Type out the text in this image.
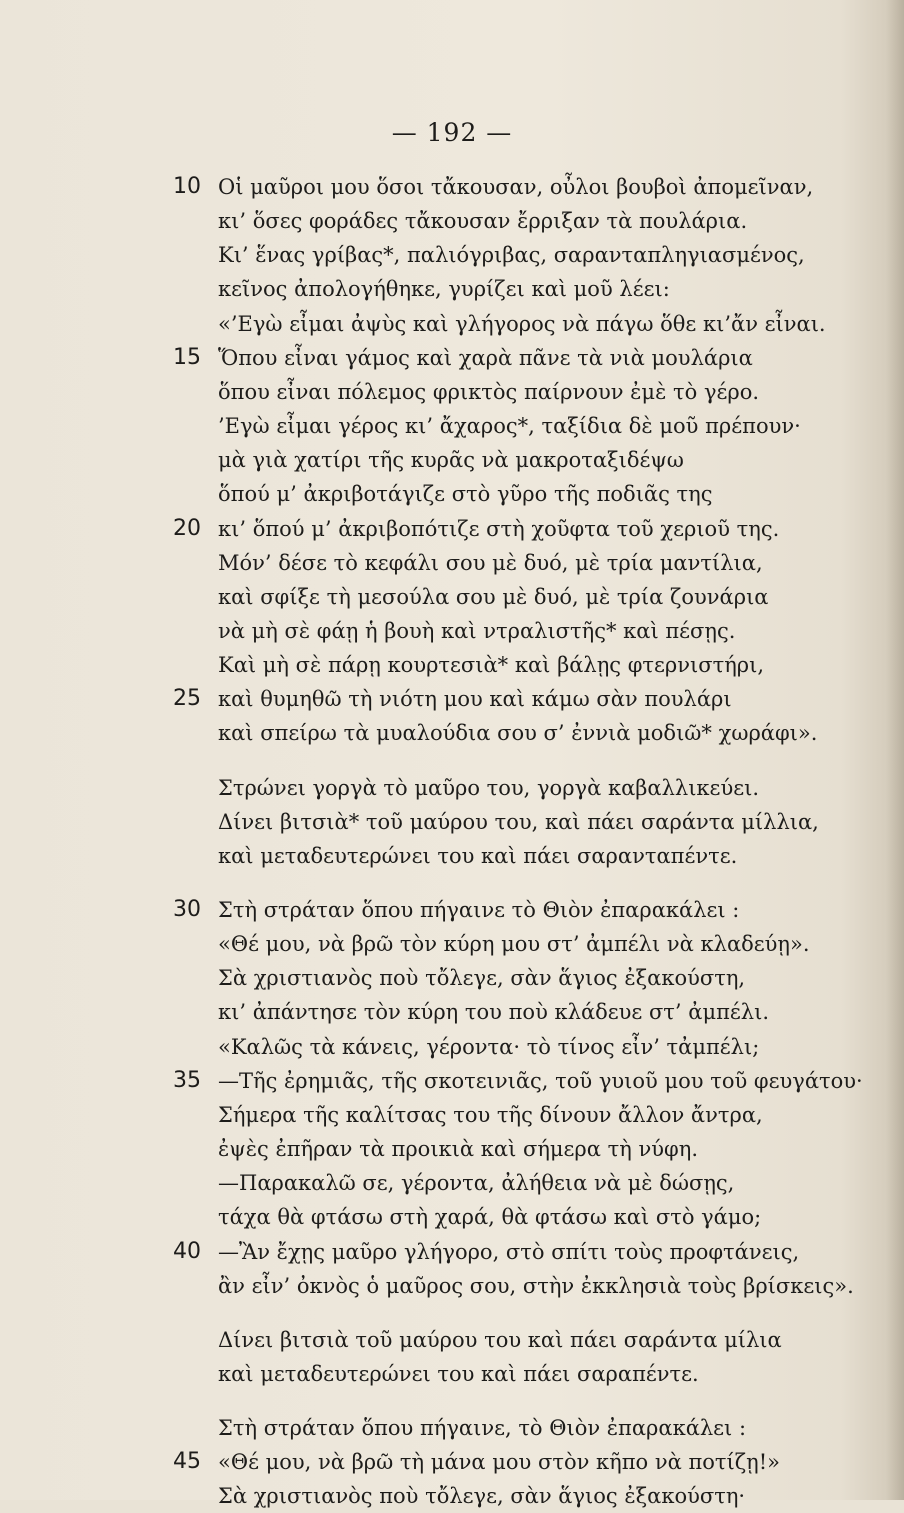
— 192 —
10 Οἱ μαῦροι μου ὅσοι τἄκουσαν, οὖλοι βουβοὶ ἀπομεῖναν,
κι’ ὅσες φοράδες τἄκουσαν ἔρριξαν τὰ πουλάρια.
Κι’ ἕνας γρίβας*, παλιόγριβας, σαρανταπληγιασμένος,
κεῖνος ἀπολογήθηκε, γυρίζει καὶ μοῦ λέει:
«’Εγὼ εἶμαι ἀψὺς καὶ γλήγορος νὰ πάγω ὅθε κι’ἄν εἶναι.
15 Ὅπου εἶναι γάμος καὶ χαρὰ πᾶνε τὰ νιὰ μουλάρια
ὅπου εἶναι πόλεμος φρικτὸς παίρνουν ἐμὲ τὸ γέρο.
’Εγὼ εἶμαι γέρος κι’ ἄχαρος*, ταξίδια δὲ μοῦ πρέπουν·
μὰ γιὰ χατίρι τῆς κυρᾶς νὰ μακροταξιδέψω
ὅπού μ’ ἀκριβοτάγιζε στὸ γῦρο τῆς ποδιᾶς της
20 κι’ ὅπού μ’ ἀκριβοπότιζε στὴ χοῦφτα τοῦ χεριοῦ της.
Μόν’ δέσε τὸ κεφάλι σου μὲ δυό, μὲ τρία μαντίλια,
καὶ σφίξε τὴ μεσούλα σου μὲ δυό, μὲ τρία ζουνάρια
νὰ μὴ σὲ φάῃ ἡ βουὴ καὶ ντραλιστῆς* καὶ πέσῃς.
Καὶ μὴ σὲ πάρῃ κουρτεσιὰ* καὶ βάλῃς φτερνιστήρι,
25 καὶ θυμηθῶ τὴ νιότη μου καὶ κάμω σὰν πουλάρι
καὶ σπείρω τὰ μυαλούδια σου σ’ ἐννιὰ μοδιῶ* χωράφι».
Στρώνει γοργὰ τὸ μαῦρο του, γοργὰ καβαλλικεύει.
Δίνει βιτσιὰ* τοῦ μαύρου του, καὶ πάει σαράντα μίλλια,
καὶ μεταδευτερώνει του καὶ πάει σαρανταπέντε.
30 Στὴ στράταν ὅπου πήγαινε τὸ Θιὸν ἐπαρακάλει :
«Θέ μου, νὰ βρῶ τὸν κύρη μου στ’ ἀμπέλι νὰ κλαδεύῃ».
Σὰ χριστιανὸς ποὺ τὄλεγε, σὰν ἅγιος ἐξακούστη,
κι’ ἀπάντησε τὸν κύρη του ποὺ κλάδευε στ’ ἀμπέλι.
«Καλῶς τὰ κάνεις, γέροντα· τὸ τίνος εἶν’ τἀμπέλι;
35 —Τῆς ἐρημιᾶς, τῆς σκοτεινιᾶς, τοῦ γυιοῦ μου τοῦ φευγάτου·
Σήμερα τῆς καλίτσας του τῆς δίνουν ἄλλον ἄντρα,
ἐψὲς ἐπῆραν τὰ προικιὰ καὶ σήμερα τὴ νύφη.
—Παρακαλῶ σε, γέροντα, ἀλήθεια νὰ μὲ δώσῃς,
τάχα θὰ φτάσω στὴ χαρά, θὰ φτάσω καὶ στὸ γάμο;
40 —Ἂν ἔχῃς μαῦρο γλήγορο, στὸ σπίτι τοὺς προφτάνεις,
ἂν εἶν’ ὀκνὸς ὁ μαῦρος σου, στὴν ἐκκλησιὰ τοὺς βρίσκεις».
Δίνει βιτσιὰ τοῦ μαύρου του καὶ πάει σαράντα μίλια
καὶ μεταδευτερώνει του καὶ πάει σαραπέντε.
Στὴ στράταν ὅπου πήγαινε, τὸ Θιὸν ἐπαρακάλει :
45 «Θέ μου, νὰ βρῶ τὴ μάνα μου στὸν κῆπο νὰ ποτίζῃ!»
Σὰ χριστιανὸς ποὺ τὄλεγε, σὰν ἅγιος ἐξακούστη·
